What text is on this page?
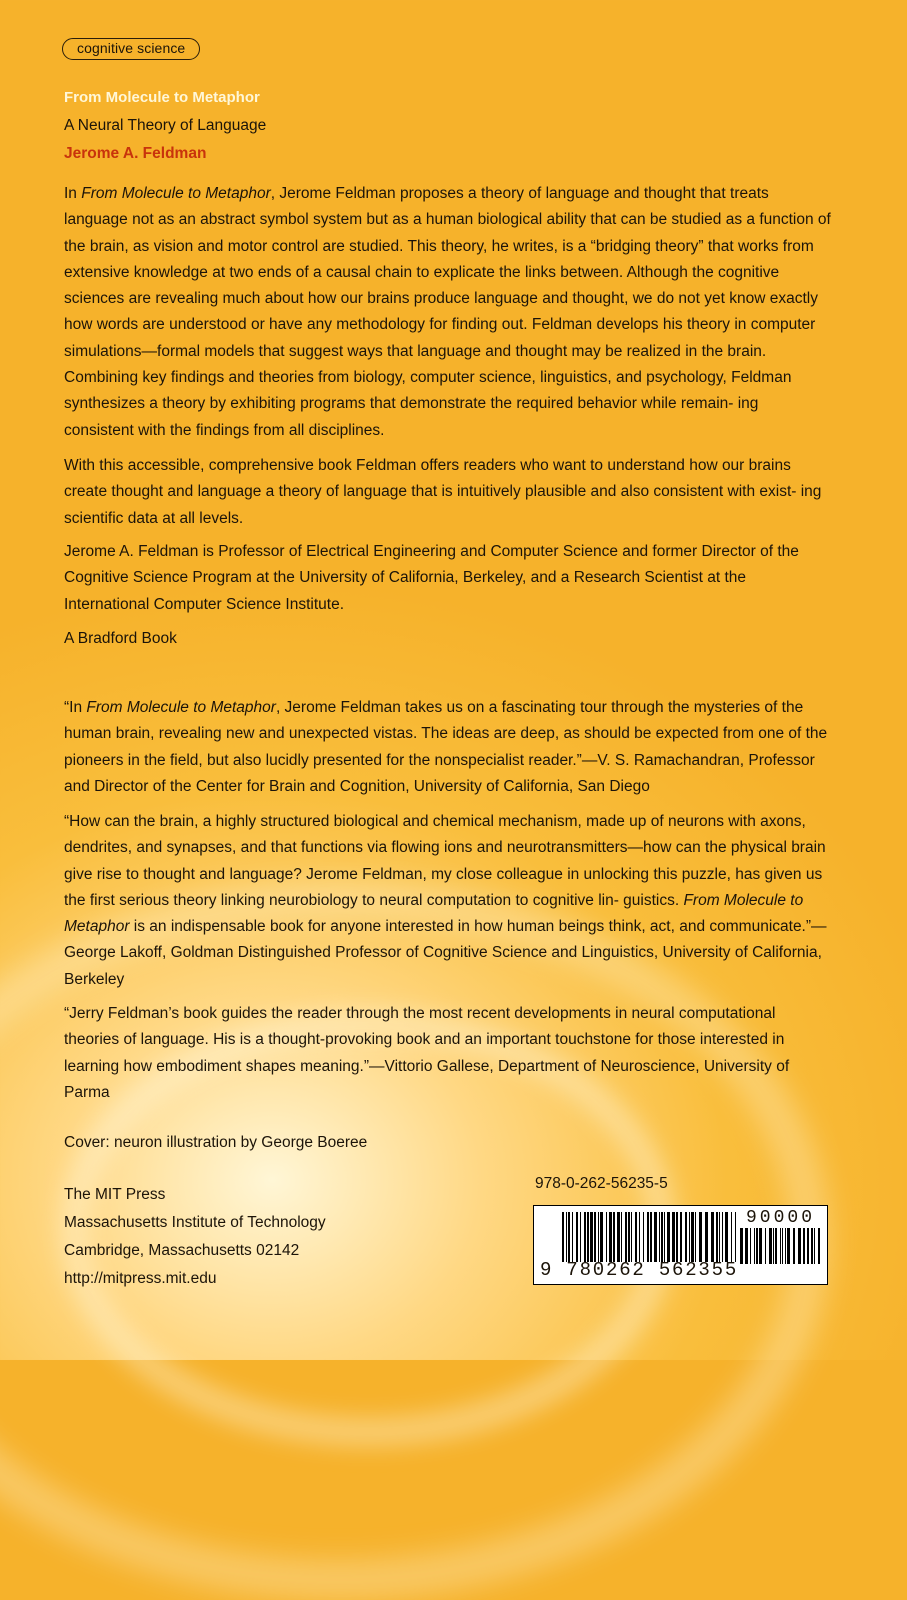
cognitive science
From Molecule to Metaphor
A Neural Theory of Language
Jerome A. Feldman

In From Molecule to Metaphor, Jerome Feldman proposes a theory of language and thought that treats language not as an abstract symbol system but as a human biological ability that can be studied as a function of the brain, as vision and motor control are studied. This theory, he writes, is a “bridging theory” that works from extensive knowledge at two ends of a causal chain to explicate the links between. Although the cognitive sciences are revealing much about how our brains produce language and thought, we do not yet know exactly how words are understood or have any methodology for finding out. Feldman develops his theory in computer simulations—formal models that suggest ways that language and thought may be realized in the brain. Combining key findings and theories from biology, computer science, linguistics, and psychology, Feldman synthesizes a theory by exhibiting programs that demonstrate the required behavior while remain- ing consistent with the findings from all disciplines.

With this accessible, comprehensive book Feldman offers readers who want to understand how our brains create thought and language a theory of language that is intuitively plausible and also consistent with exist- ing scientific data at all levels.

Jerome A. Feldman is Professor of Electrical Engineering and Computer Science and former Director of the Cognitive Science Program at the University of California, Berkeley, and a Research Scientist at the International Computer Science Institute.

A Bradford Book

“In From Molecule to Metaphor, Jerome Feldman takes us on a fascinating tour through the mysteries of the human brain, revealing new and unexpected vistas. The ideas are deep, as should be expected from one of the pioneers in the field, but also lucidly presented for the nonspecialist reader.”—V. S. Ramachandran, Professor and Director of the Center for Brain and Cognition, University of California, San Diego

“How can the brain, a highly structured biological and chemical mechanism, made up of neurons with axons, dendrites, and synapses, and that functions via flowing ions and neurotransmitters—how can the physical brain give rise to thought and language? Jerome Feldman, my close colleague in unlocking this puzzle, has given us the first serious theory linking neurobiology to neural computation to cognitive lin- guistics. From Molecule to Metaphor is an indispensable book for anyone interested in how human beings think, act, and communicate.”—George Lakoff, Goldman Distinguished Professor of Cognitive Science and Linguistics, University of California, Berkeley

“Jerry Feldman’s book guides the reader through the most recent developments in neural computational theories of language. His is a thought-provoking book and an important touchstone for those interested in learning how embodiment shapes meaning.”—Vittorio Gallese, Department of Neuroscience, University of Parma

Cover: neuron illustration by George Boeree

The MIT Press
Massachusetts Institute of Technology
Cambridge, Massachusetts 02142
http://mitpress.mit.edu
978-0-262-56235-5
90000
9 780262 562355
